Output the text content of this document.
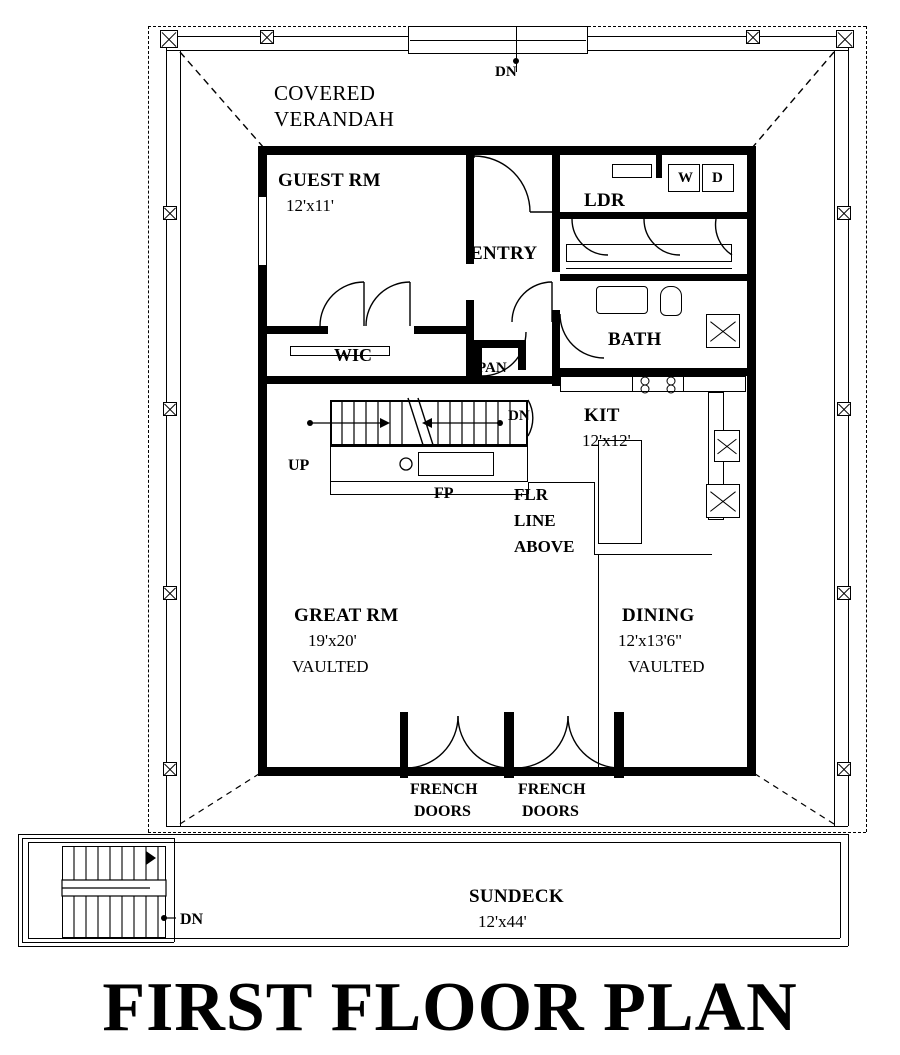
DN
COVERED
VERANDAH
GUEST RM
12'x11'
ENTRY
LDR
W D
BATH
WIC
PAN
DN
UP
FP
KIT
12'x12'
FLR
LINE
ABOVE
GREAT RM
19'x20'
VAULTED
DINING
12'x13'6"
VAULTED
FRENCH
DOORS
FRENCH
DOORS
DN
SUNDECK
12'x44'
FIRST FLOOR PLAN
